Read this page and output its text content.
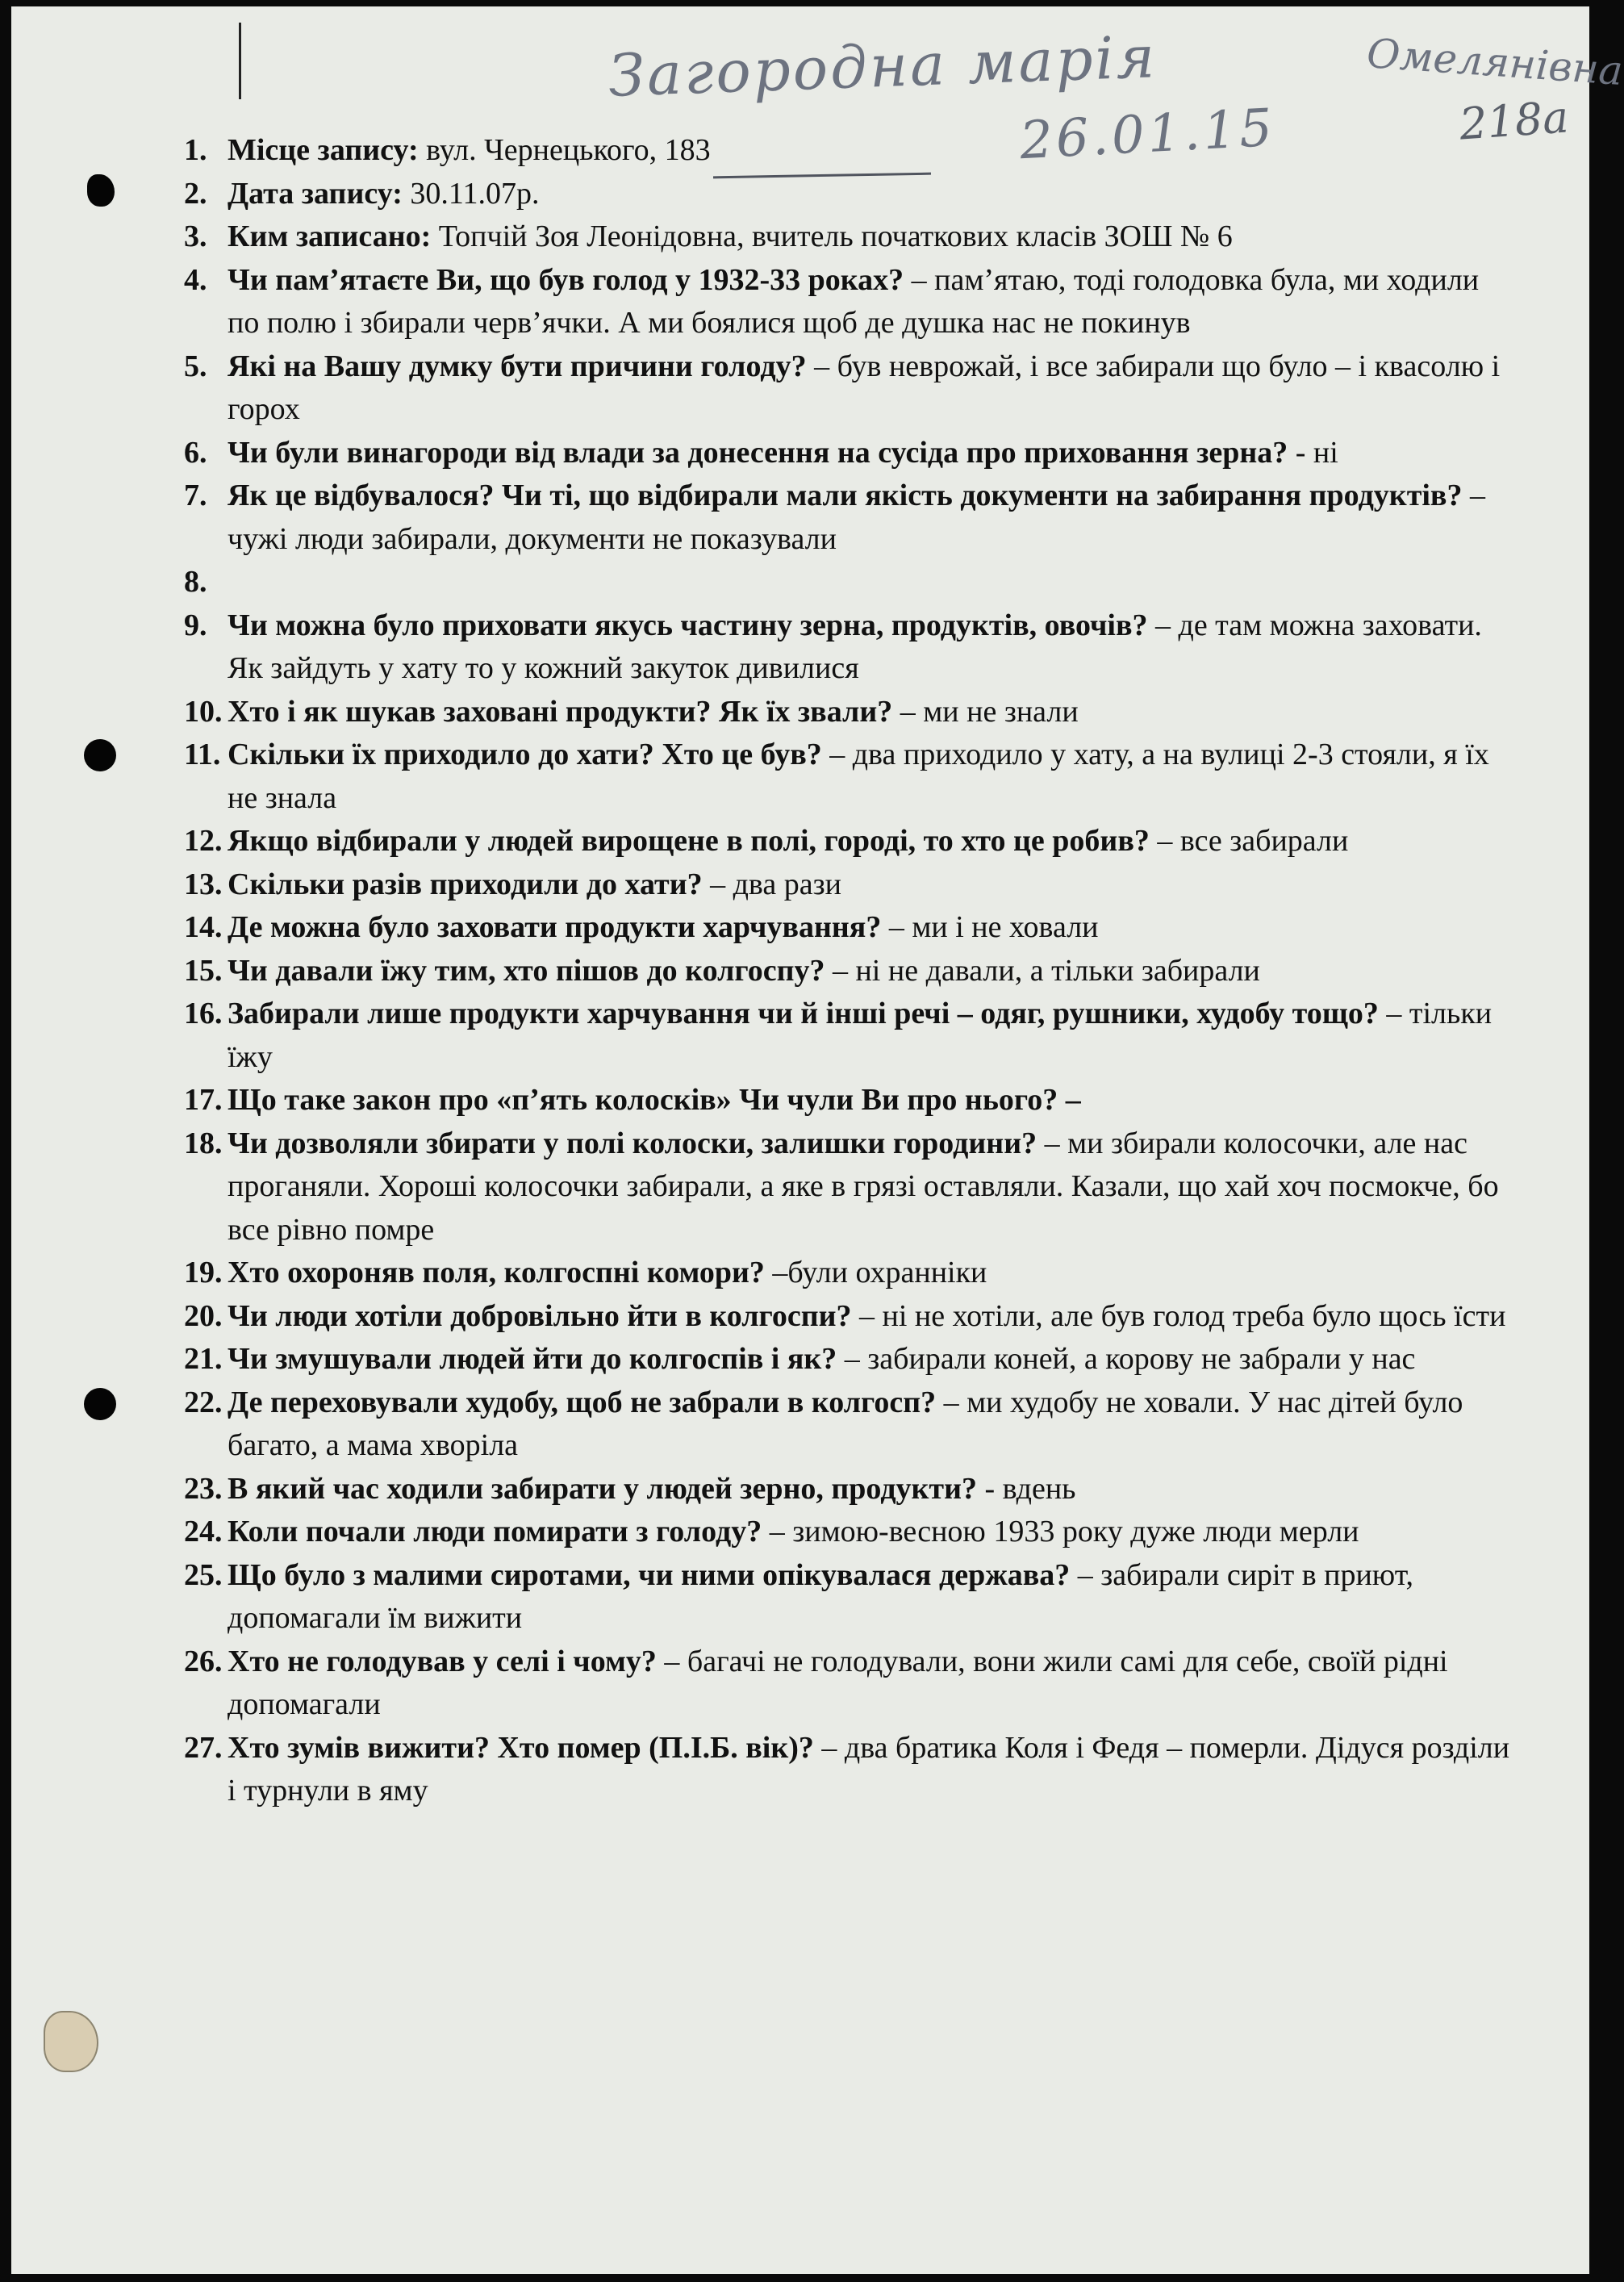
Загородна марія	Омелянівна
26.01.15	218а
1. Місце запису: вул. Чернецького, 183
2. Дата запису: 30.11.07р.
3. Ким записано: Топчій Зоя Леонідовна, вчитель початкових класів ЗОШ № 6
4. Чи пам’ятаєте Ви, що був голод у 1932-33 роках? – пам’ятаю, тоді голодовка була, ми ходили по полю і збирали черв’ячки. А ми боялися щоб де душка нас не покинув
5. Які на Вашу думку бути причини голоду? – був неврожай, і все забирали що було – і квасолю і горох
6. Чи були винагороди від влади за донесення на сусіда про приховання зерна? - ні
7. Як це відбувалося? Чи ті, що відбирали мали якість документи на забирання продуктів? – чужі люди забирали, документи не показували
8.
9. Чи можна було приховати якусь частину зерна, продуктів, овочів? – де там можна заховати. Як зайдуть у хату то у кожний закуток дивилися
10. Хто і як шукав заховані продукти? Як їх звали? – ми не знали
11. Скільки їх приходило до хати? Хто це був? – два приходило у хату, а на вулиці 2-3 стояли, я їх не знала
12. Якщо відбирали у людей вирощене в полі, городі, то хто це робив? – все забирали
13. Скільки разів приходили до хати? – два рази
14. Де можна було заховати продукти харчування? – ми і не ховали
15. Чи давали їжу тим, хто пішов до колгоспу? – ні не давали, а тільки забирали
16. Забирали лише продукти харчування чи й інші речі – одяг, рушники, худобу тощо? – тільки їжу
17. Що таке закон про «п’ять колосків» Чи чули Ви про нього? –
18. Чи дозволяли збирати у полі колоски, залишки городини? – ми збирали колосочки, але нас проганяли. Хороші колосочки забирали, а яке в грязі оставляли. Казали, що хай хоч посмокче, бо все рівно помре
19. Хто охороняв поля, колгоспні комори? –були охранніки
20. Чи люди хотіли добровільно йти в колгоспи? – ні не хотіли, але був голод треба було щось їсти
21. Чи змушували людей йти до колгоспів і як? – забирали коней, а корову не забрали у нас
22. Де переховували худобу, щоб не забрали в колгосп? – ми худобу не ховали. У нас дітей було багато, а мама хворіла
23. В який час ходили забирати у людей зерно, продукти? - вдень
24. Коли почали люди помирати з голоду? – зимою-весною 1933 року дуже люди мерли
25. Що було з малими сиротами, чи ними опікувалася держава? – забирали сиріт в приют, допомагали їм вижити
26. Хто не голодував у селі і чому? – багачі не голодували, вони жили самі для себе, своїй рідні допомагали
27. Хто зумів вижити? Хто помер (П.І.Б. вік)? – два братика Коля і Федя – померли. Дідуся розділи і турнули в яму
